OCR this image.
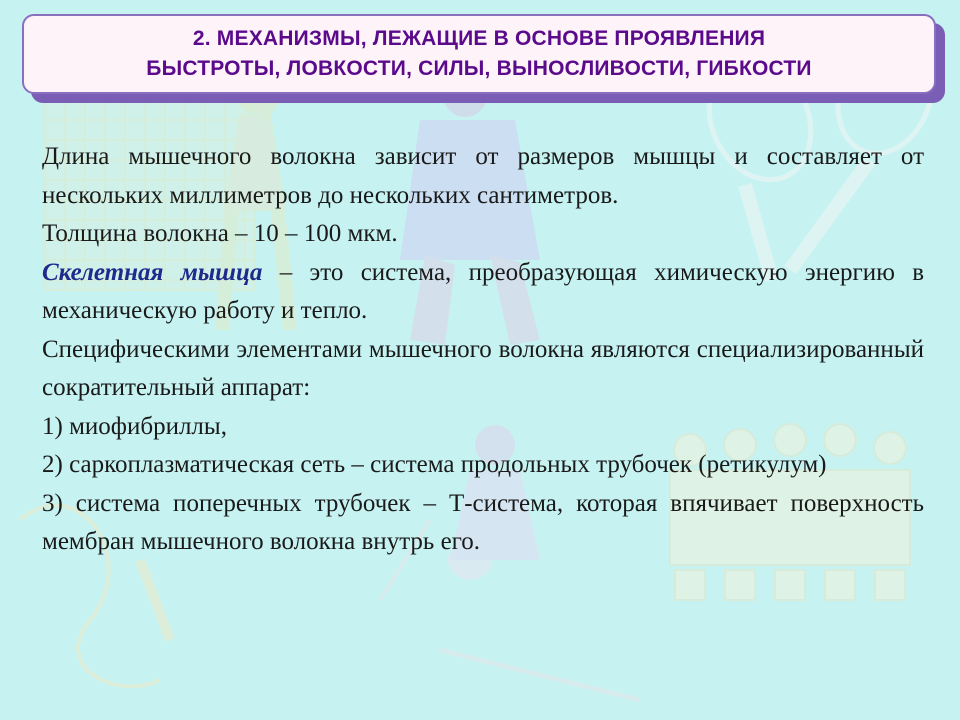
2. МЕХАНИЗМЫ, ЛЕЖАЩИЕ В ОСНОВЕ ПРОЯВЛЕНИЯ
БЫСТРОТЫ, ЛОВКОСТИ, СИЛЫ, ВЫНОСЛИВОСТИ, ГИБКОСТИ

Длина мышечного волокна зависит от размеров мышцы и составляет от нескольких миллиметров до нескольких сантиметров.

Толщина волокна – 10 – 100 мкм.

Скелетная мышца – это система, преобразующая химическую энергию в механическую работу и тепло.

Специфическими элементами мышечного волокна являются специализированный сократительный аппарат:

1) миофибриллы,

2) саркоплазматическая сеть – система продольных трубочек (ретикулум)

3) система поперечных трубочек – Т-система, которая впячивает поверхность мембран мышечного волокна внутрь его.
